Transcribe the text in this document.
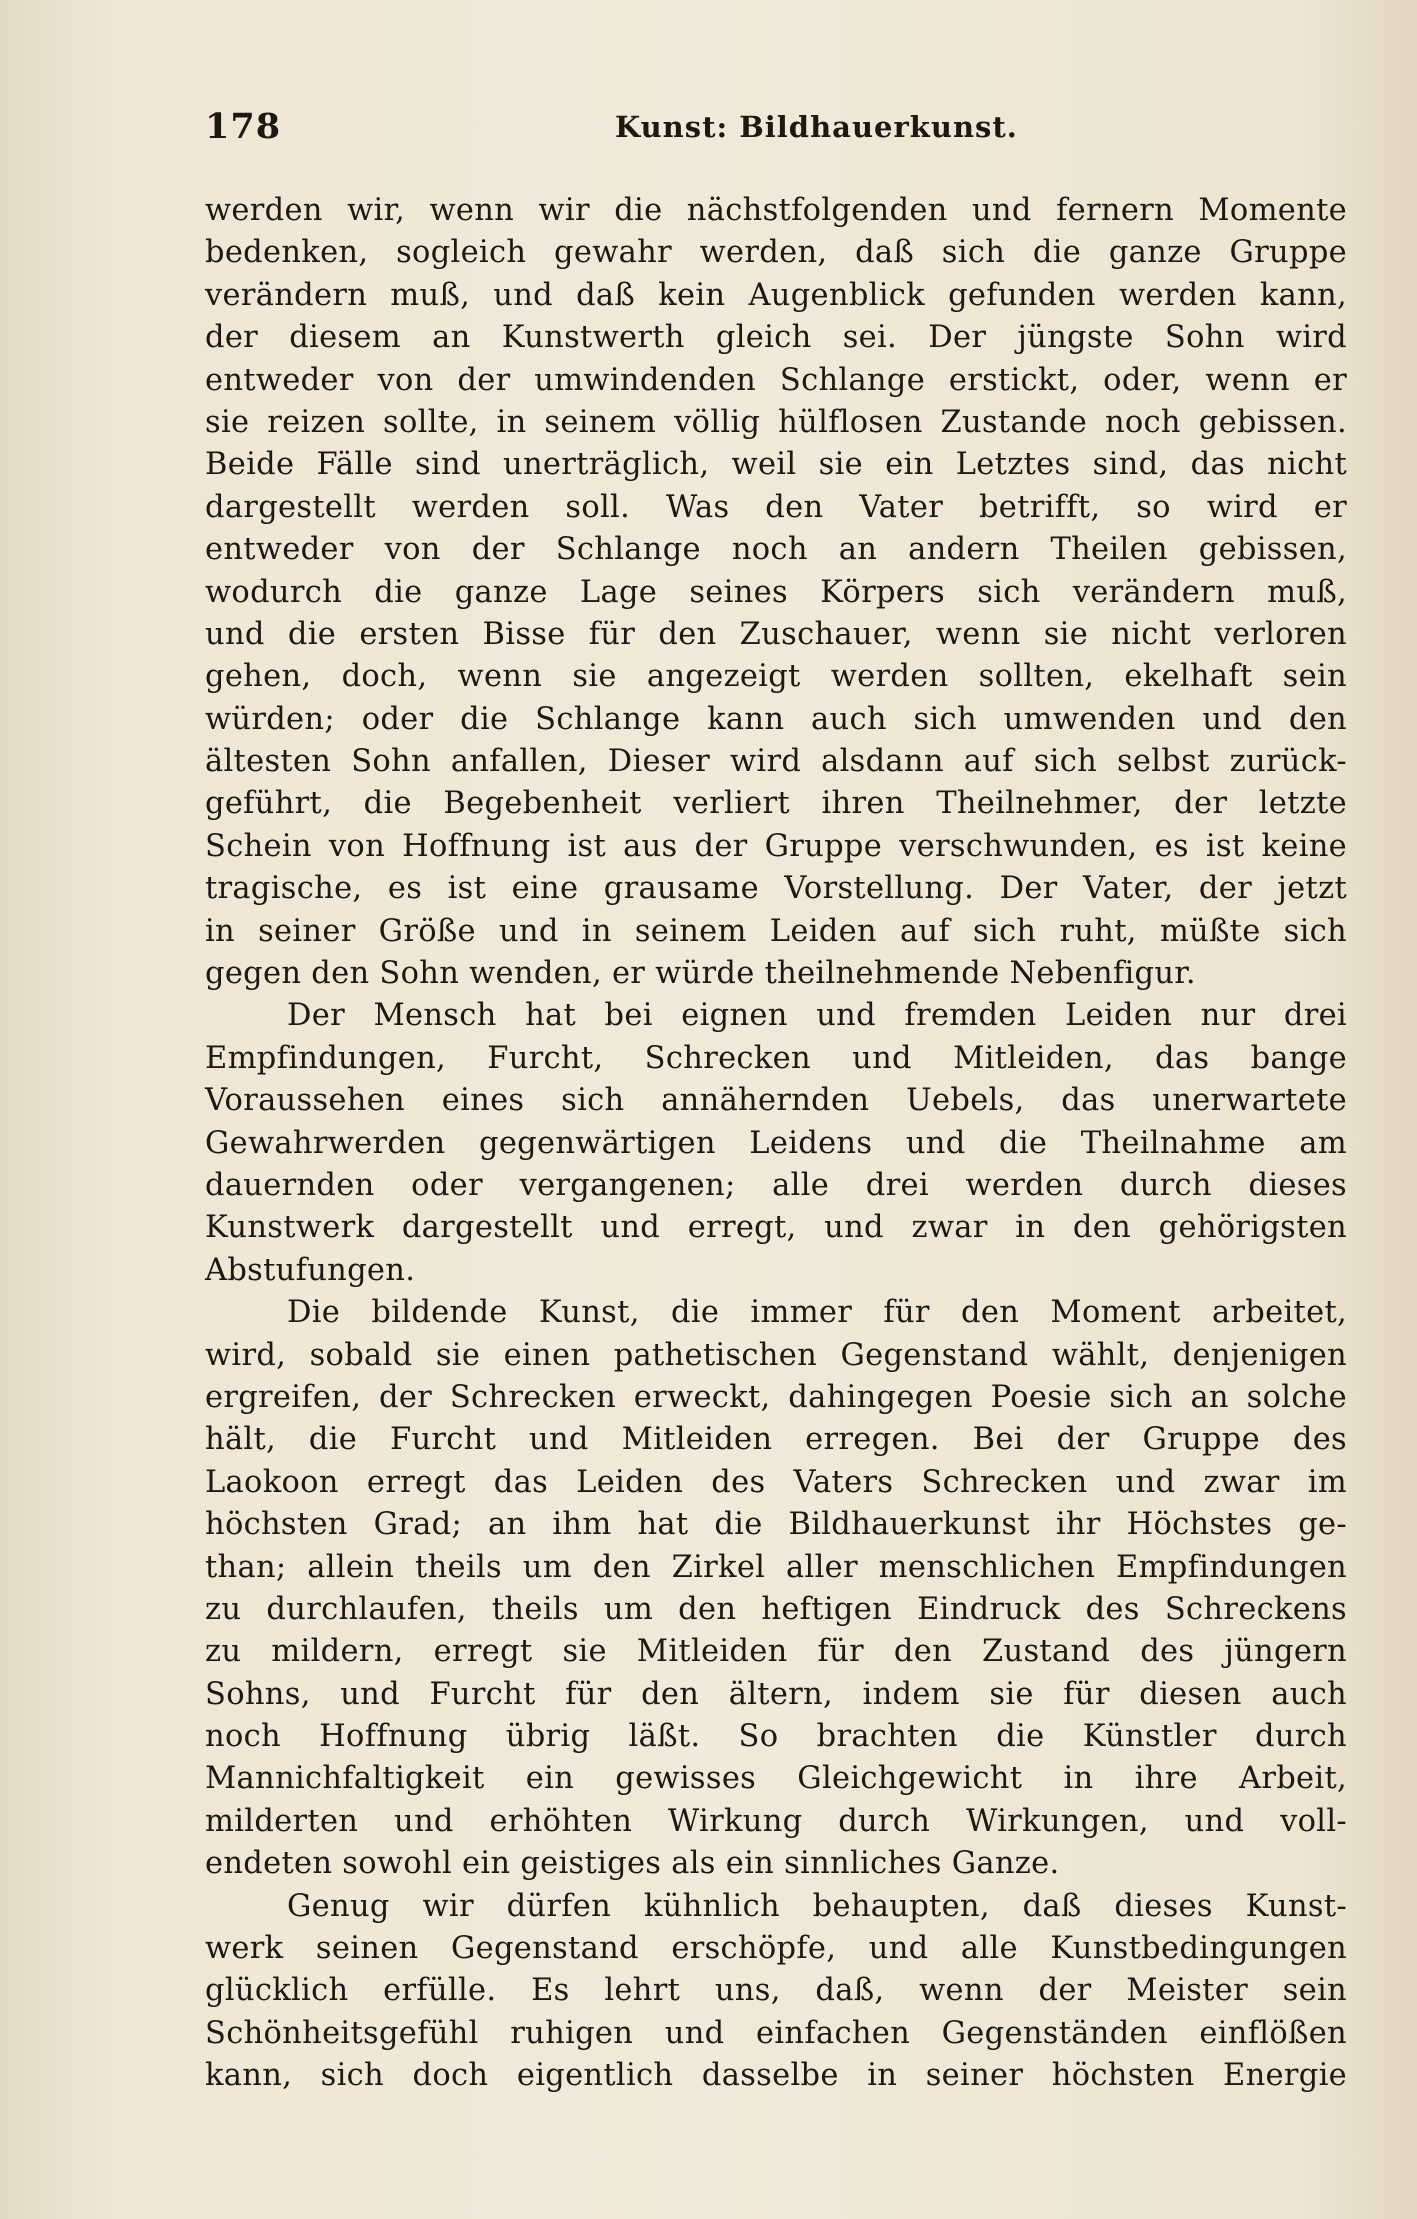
178	Kunst: Bildhauerkunst.
werden wir, wenn wir die nächstfolgenden und fernern Momente
bedenken, sogleich gewahr werden, daß sich die ganze Gruppe
verändern muß, und daß kein Augenblick gefunden werden kann,
der diesem an Kunstwerth gleich sei. Der jüngste Sohn wird
entweder von der umwindenden Schlange erstickt, oder, wenn er
sie reizen sollte, in seinem völlig hülflosen Zustande noch gebissen.
Beide Fälle sind unerträglich, weil sie ein Letztes sind, das nicht
dargestellt werden soll. Was den Vater betrifft, so wird er
entweder von der Schlange noch an andern Theilen gebissen,
wodurch die ganze Lage seines Körpers sich verändern muß,
und die ersten Bisse für den Zuschauer, wenn sie nicht verloren
gehen, doch, wenn sie angezeigt werden sollten, ekelhaft sein
würden; oder die Schlange kann auch sich umwenden und den
ältesten Sohn anfallen, Dieser wird alsdann auf sich selbst zurück-
geführt, die Begebenheit verliert ihren Theilnehmer, der letzte
Schein von Hoffnung ist aus der Gruppe verschwunden, es ist keine
tragische, es ist eine grausame Vorstellung. Der Vater, der jetzt
in seiner Größe und in seinem Leiden auf sich ruht, müßte sich
gegen den Sohn wenden, er würde theilnehmende Nebenfigur.
Der Mensch hat bei eignen und fremden Leiden nur drei
Empfindungen, Furcht, Schrecken und Mitleiden, das bange
Voraussehen eines sich annähernden Uebels, das unerwartete
Gewahrwerden gegenwärtigen Leidens und die Theilnahme am
dauernden oder vergangenen; alle drei werden durch dieses
Kunstwerk dargestellt und erregt, und zwar in den gehörigsten
Abstufungen.
Die bildende Kunst, die immer für den Moment arbeitet,
wird, sobald sie einen pathetischen Gegenstand wählt, denjenigen
ergreifen, der Schrecken erweckt, dahingegen Poesie sich an solche
hält, die Furcht und Mitleiden erregen. Bei der Gruppe des
Laokoon erregt das Leiden des Vaters Schrecken und zwar im
höchsten Grad; an ihm hat die Bildhauerkunst ihr Höchstes ge-
than; allein theils um den Zirkel aller menschlichen Empfindungen
zu durchlaufen, theils um den heftigen Eindruck des Schreckens
zu mildern, erregt sie Mitleiden für den Zustand des jüngern
Sohns, und Furcht für den ältern, indem sie für diesen auch
noch Hoffnung übrig läßt. So brachten die Künstler durch
Mannichfaltigkeit ein gewisses Gleichgewicht in ihre Arbeit,
milderten und erhöhten Wirkung durch Wirkungen, und voll-
endeten sowohl ein geistiges als ein sinnliches Ganze.
Genug wir dürfen kühnlich behaupten, daß dieses Kunst-
werk seinen Gegenstand erschöpfe, und alle Kunstbedingungen
glücklich erfülle. Es lehrt uns, daß, wenn der Meister sein
Schönheitsgefühl ruhigen und einfachen Gegenständen einflößen
kann, sich doch eigentlich dasselbe in seiner höchsten Energie
